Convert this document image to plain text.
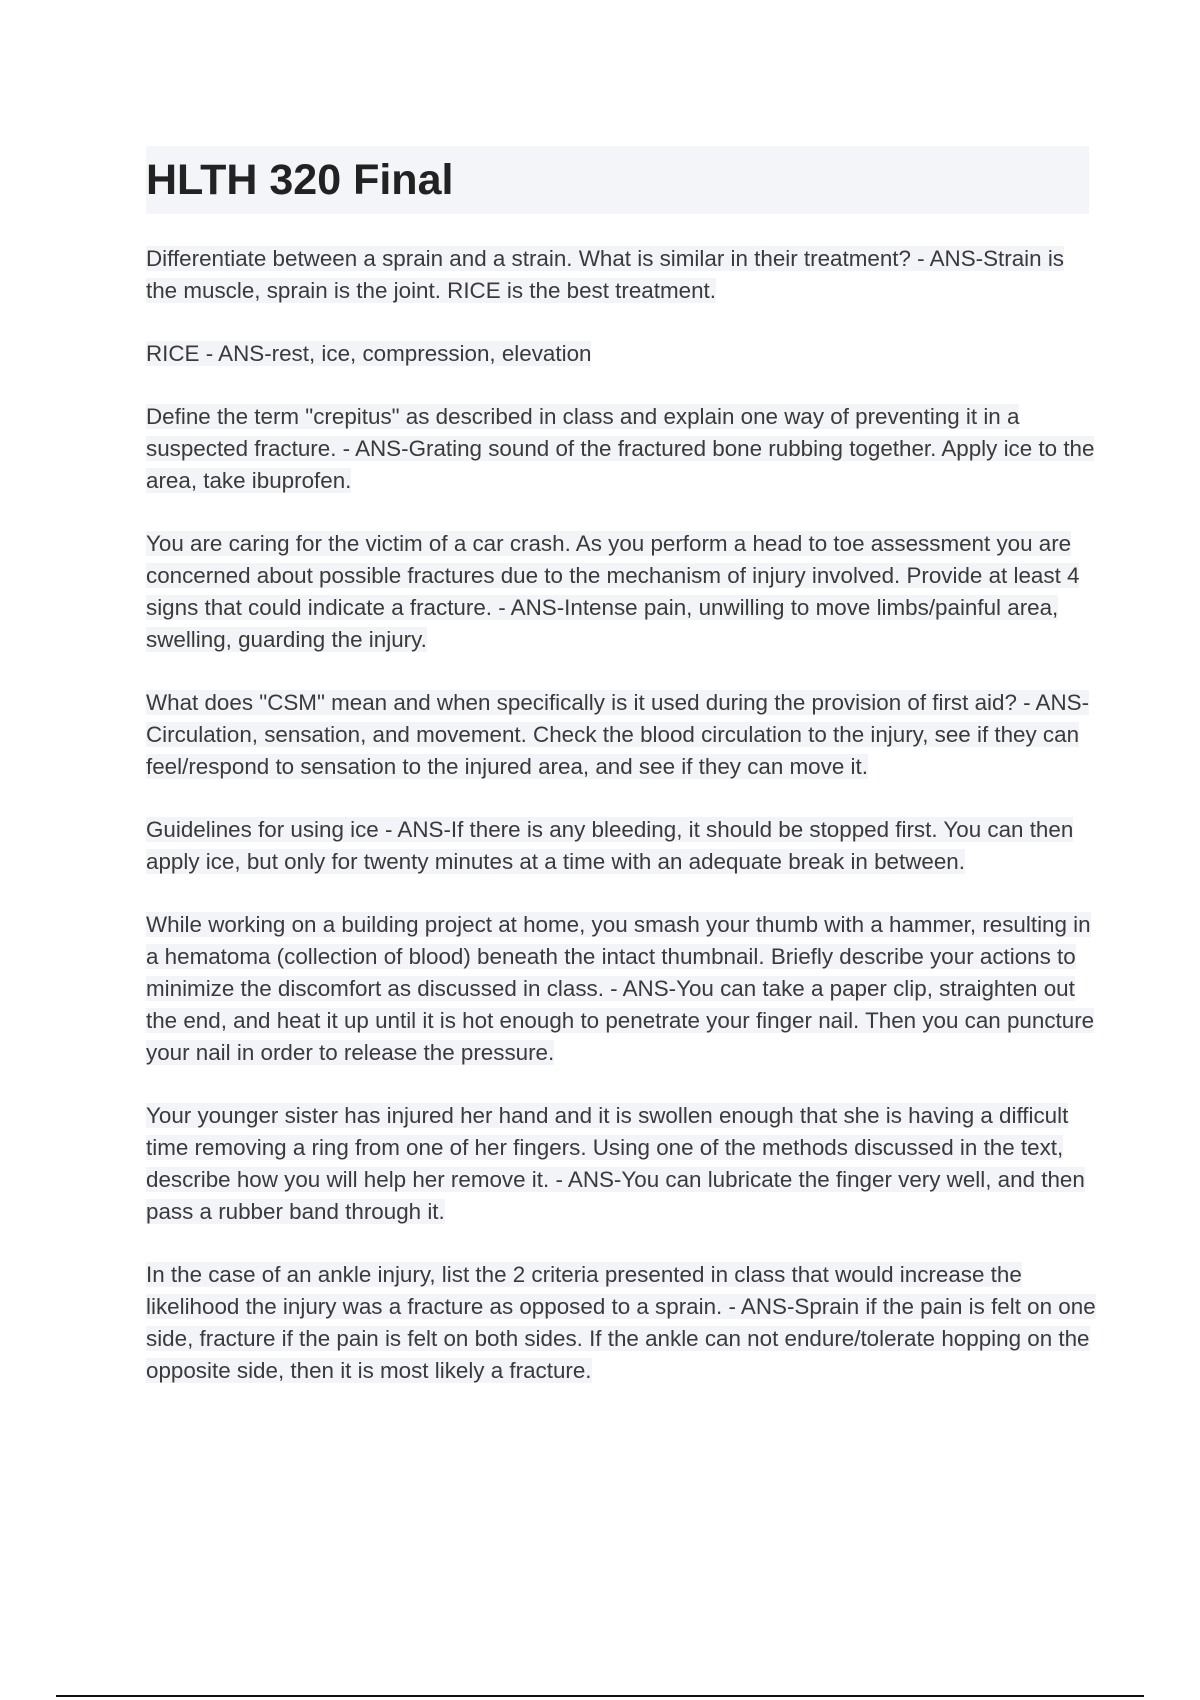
HLTH 320 Final

Differentiate between a sprain and a strain. What is similar in their treatment? - ANS-Strain is the muscle, sprain is the joint. RICE is the best treatment.

RICE - ANS-rest, ice, compression, elevation

Define the term "crepitus" as described in class and explain one way of preventing it in a suspected fracture. - ANS-Grating sound of the fractured bone rubbing together. Apply ice to the area, take ibuprofen.

You are caring for the victim of a car crash. As you perform a head to toe assessment you are concerned about possible fractures due to the mechanism of injury involved. Provide at least 4 signs that could indicate a fracture. - ANS-Intense pain, unwilling to move limbs/painful area, swelling, guarding the injury.

What does "CSM" mean and when specifically is it used during the provision of first aid? - ANS-Circulation, sensation, and movement. Check the blood circulation to the injury, see if they can feel/respond to sensation to the injured area, and see if they can move it.

Guidelines for using ice - ANS-If there is any bleeding, it should be stopped first. You can then apply ice, but only for twenty minutes at a time with an adequate break in between.

While working on a building project at home, you smash your thumb with a hammer, resulting in a hematoma (collection of blood) beneath the intact thumbnail. Briefly describe your actions to minimize the discomfort as discussed in class. - ANS-You can take a paper clip, straighten out the end, and heat it up until it is hot enough to penetrate your finger nail. Then you can puncture your nail in order to release the pressure.

Your younger sister has injured her hand and it is swollen enough that she is having a difficult time removing a ring from one of her fingers. Using one of the methods discussed in the text, describe how you will help her remove it. - ANS-You can lubricate the finger very well, and then pass a rubber band through it.

In the case of an ankle injury, list the 2 criteria presented in class that would increase the likelihood the injury was a fracture as opposed to a sprain. - ANS-Sprain if the pain is felt on one side, fracture if the pain is felt on both sides. If the ankle can not endure/tolerate hopping on the opposite side, then it is most likely a fracture.
